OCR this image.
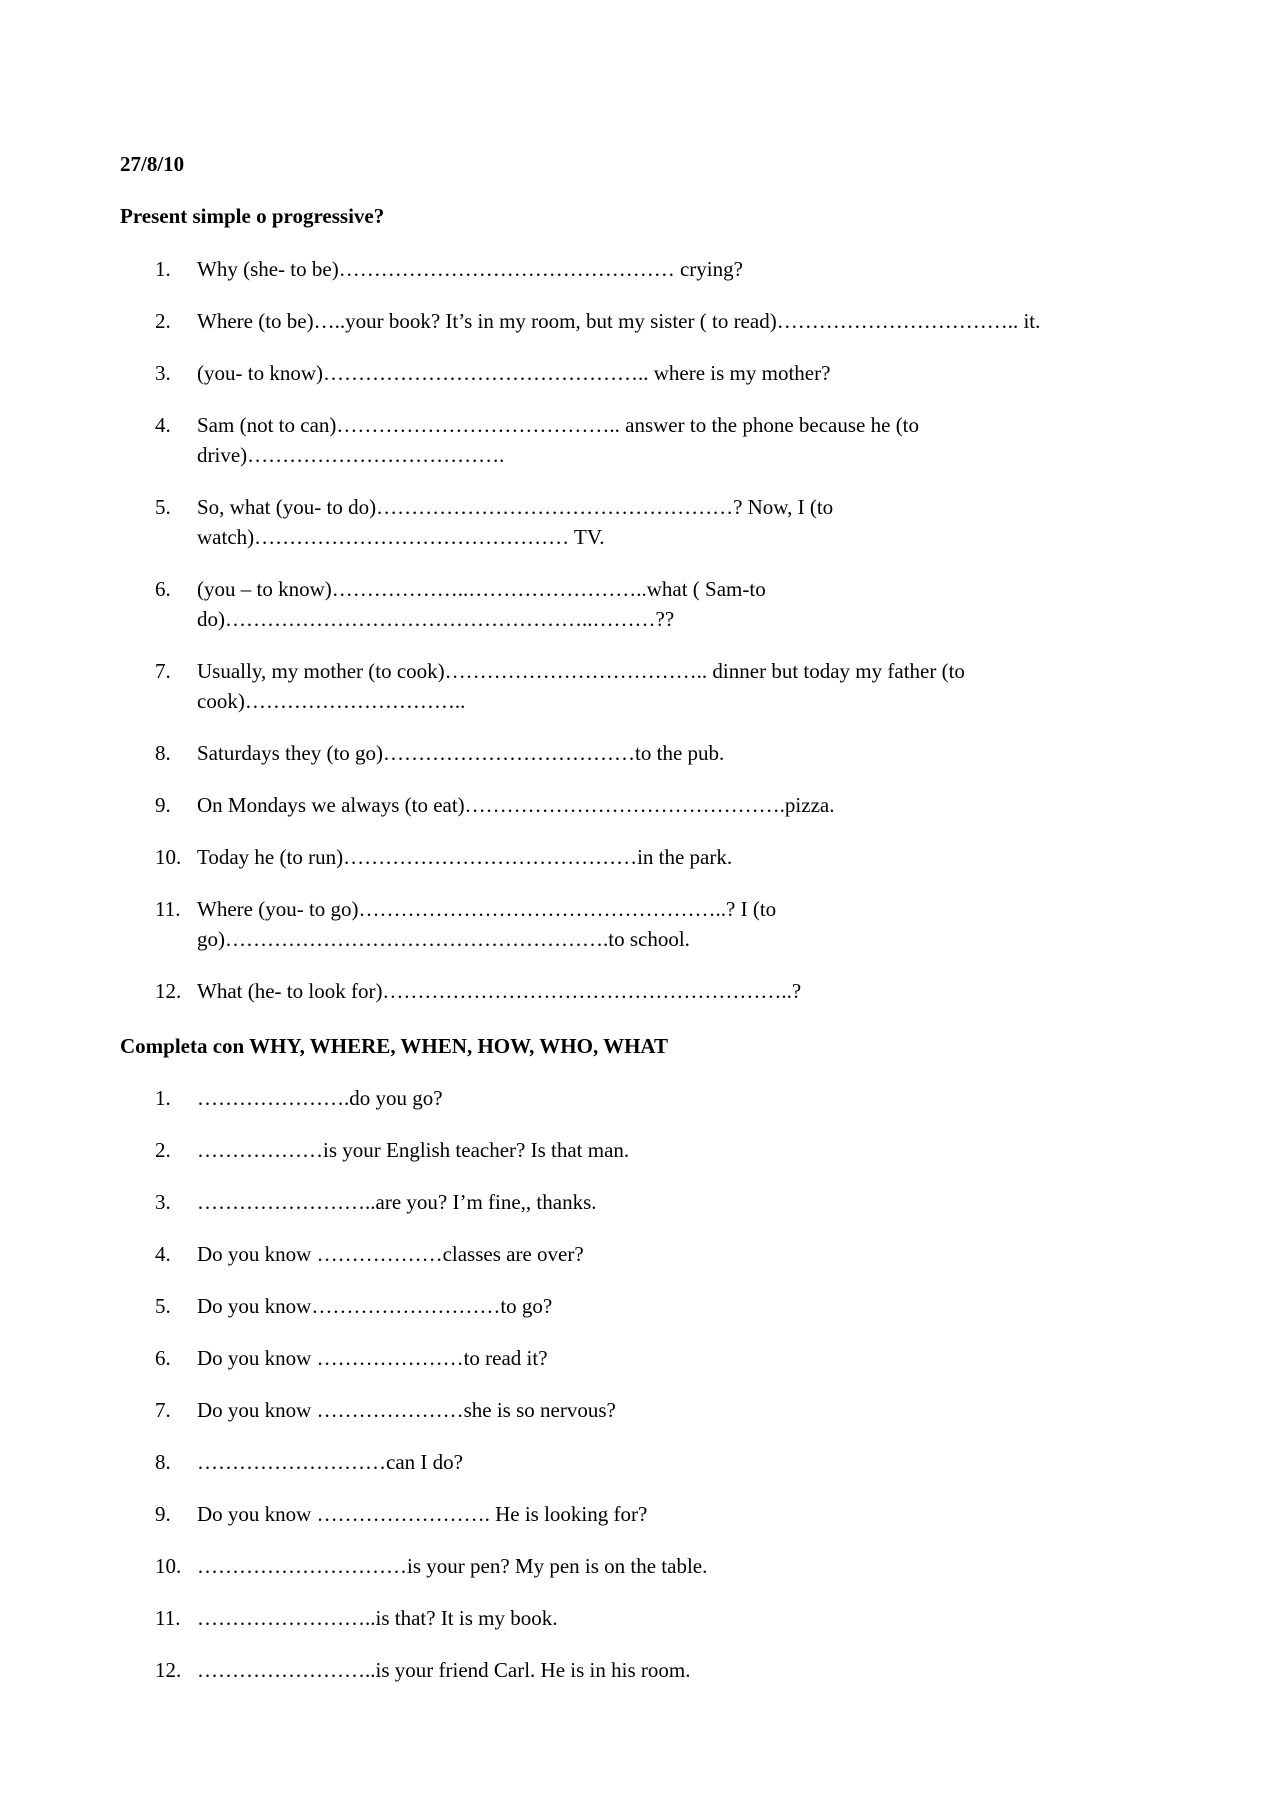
27/8/10

Present simple o progressive?

1.	Why (she- to be)………………………………………… crying?
2.	Where (to be)…..your book? It’s in my room, but my sister ( to read)…………………………….. it.
3.	(you- to know)……………………………………….. where is my mother?
4.	Sam (not to can)………………………………….. answer to the phone because he (to drive)……………………………….
5.	So, what (you- to do)……………………………………………? Now, I (to watch)……………………………………… TV.
6.	(you – to know)………………..……………………..what ( Sam-to do)……………………………………………..………??
7.	Usually, my mother (to cook)……………………………….. dinner but today my father (to cook)…………………………..
8.	Saturdays they (to go)………………………………to the pub.
9.	On Mondays we always (to eat)……………………………………….pizza.
10. Today he (to run)……………………………………in the park.
11. Where (you- to go)……………………………………………..? I (to go)……………………………………………….to school.
12. What (he- to look for)…………………………………………………..?

Completa con WHY, WHERE, WHEN, HOW, WHO, WHAT

1.	………………….do you go?
2.	………………is your English teacher? Is that man.
3.	……………………..are you? I’m fine,, thanks.
4.	Do you know ………………classes are over?
5.	Do you know………………………to go?
6.	Do you know …………………to read it?
7.	Do you know …………………she is so nervous?
8.	………………………can I do?
9.	Do you know ……………………. He is looking for?
10. …………………………is your pen? My pen is on the table.
11. ……………………..is that? It is my book.
12. ……………………..is your friend Carl. He is in his room.
